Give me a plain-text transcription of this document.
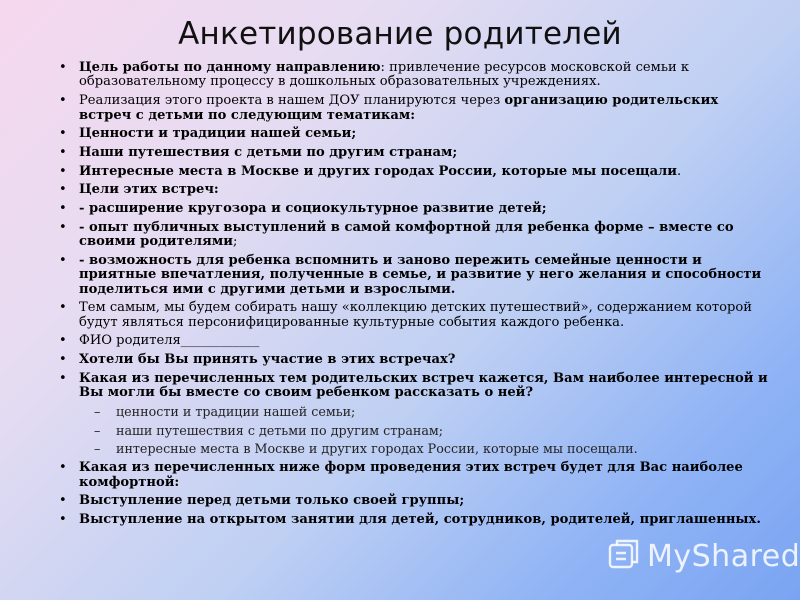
Анкетирование родителей
• Цель работы по данному направлению: привлечение ресурсов московской семьи к образовательному процессу в дошкольных образовательных учреждениях.
• Реализация этого проекта в нашем ДОУ планируются через организацию родительских встреч с детьми по следующим тематикам:
• Ценности и традиции нашей семьи;
• Наши путешествия с детьми по другим странам;
• Интересные места в Москве и других городах России, которые мы посещали.
• Цели этих встреч:
• - расширение кругозора и социокультурное развитие детей;
• - опыт публичных выступлений в самой комфортной для ребенка форме – вместе со своими родителями;
• - возможность для ребенка вспомнить и заново пережить семейные ценности и приятные впечатления, полученные в семье, и развитие у него желания и способности поделиться ими с другими детьми и взрослыми.
• Тем самым, мы будем собирать нашу «коллекцию детских путешествий», содержанием которой будут являться персонифицированные культурные события каждого ребенка.
• ФИО родителя____________
• Хотели бы Вы принять участие в этих встречах?
• Какая из перечисленных тем родительских встреч кажется, Вам наиболее интересной и Вы могли бы вместе со своим ребенком рассказать о ней?
– ценности и традиции нашей семьи;
– наши путешествия с детьми по другим странам;
– интересные места в Москве и других городах России, которые мы посещали.
• Какая из перечисленных ниже форм проведения этих встреч будет для Вас наиболее комфортной:
• Выступление перед детьми только своей группы;
• Выступление на открытом занятии для детей, сотрудников, родителей, приглашенных.
MyShared
